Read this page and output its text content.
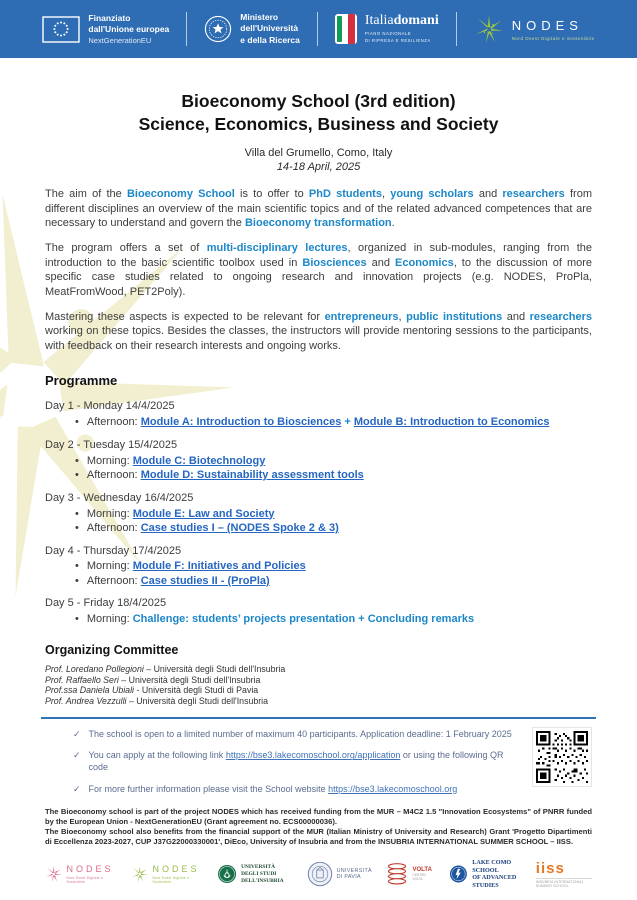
Finanziato
dall'Unione europea
NextGenerationEU
Ministero
dell'Università
e della Ricerca
Italiadomani
PIANO NAZIONALE
DI RIPRESA E RESILIENZA
NODES
Nord Ovest Digitale e Sostenibile
Bioeconomy School (3rd edition)
Science, Economics, Business and Society
Villa del Grumello, Como, Italy
14-18 April, 2025

The aim of the Bioeconomy School is to offer to PhD students, young scholars and researchers from different disciplines an overview of the main scientific topics and of the related advanced competences that are necessary to understand and govern the Bioeconomy transformation.

The program offers a set of multi-disciplinary lectures, organized in sub-modules, ranging from the introduction to the basic scientific toolbox used in Biosciences and Economics, to the discussion of more specific case studies related to ongoing research and innovation projects (e.g. NODES, ProPla, MeatFromWood, PET2Poly).

Mastering these aspects is expected to be relevant for entrepreneurs, public institutions and researchers working on these topics. Besides the classes, the instructors will provide mentoring sessions to the participants, with feedback on their research interests and ongoing works.

Programme
Day 1 - Monday 14/4/2025
• Afternoon: Module A: Introduction to Biosciences + Module B: Introduction to Economics
Day 2 - Tuesday 15/4/2025
• Morning: Module C: Biotechnology
• Afternoon: Module D: Sustainability assessment tools
Day 3 - Wednesday 16/4/2025
• Morning: Module E: Law and Society
• Afternoon: Case studies I – (NODES Spoke 2 & 3)
Day 4 - Thursday 17/4/2025
• Morning: Module F: Initiatives and Policies
• Afternoon: Case studies II - (ProPla)
Day 5 - Friday 18/4/2025
• Morning: Challenge: students’ projects presentation + Concluding remarks
Organizing Committee
Prof. Loredano Pollegioni – Università degli Studi dell'Insubria
Prof. Raffaello Seri – Università degli Studi dell'Insubria
Prof.ssa Daniela Ubiali - Università degli Studi di Pavia
Prof. Andrea Vezzulli – Università degli Studi dell'Insubria
✓ The school is open to a limited number of maximum 40 participants. Application deadline: 1 February 2025
✓ You can apply at the following link https://bse3.lakecomoschool.org/application or using the following QR code
✓ For more further information please visit the School website https://bse3.lakecomoschool.org

The Bioeconomy school is part of the project NODES which has received funding from the MUR – M4C2 1.5 "Innovation Ecosystems" of PNRR funded by the European Union - NextGenerationEU (Grant agreement no. ECS00000036).

The Bioeconomy school also benefits from the financial support of the MUR (Italian Ministry of University and Research) Grant 'Progetto Dipartimenti di Eccellenza 2023-2027, CUP J37G22000330001', DiEco, University of Insubria and from the INSUBRIA INTERNATIONAL SUMMER SCHOOL – IISS.

NODES
Nord Ovest Digitale e Sostenibile
NODES
Nord Ovest Digitale e Sostenibile
UNIVERSITÀ DEGLI STUDI
DELL'INSUBRIA
UNIVERSITÀ
DI PAVIA
VOLTA
CENTRO VOLTA
LAKE COMO SCHOOL
OF ADVANCED STUDIES
iiss
INSUBRIA INTERNATIONAL SUMMER SCHOOL
